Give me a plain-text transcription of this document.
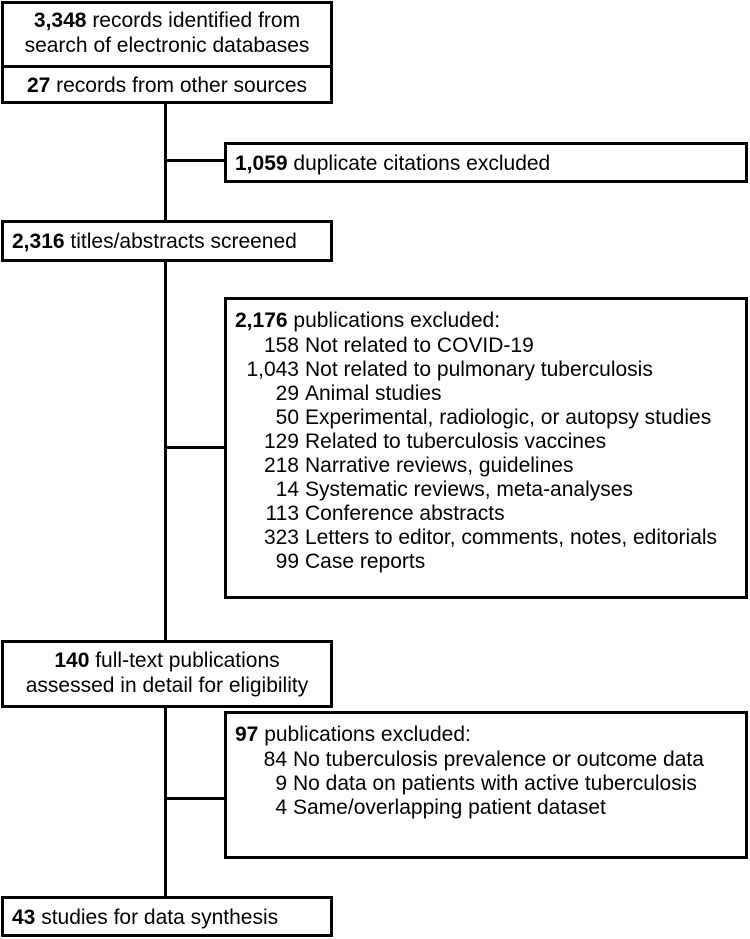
3,348 records identified from
search of electronic databases
27 records from other sources
1,059 duplicate citations excluded
2,316 titles/abstracts screened
2,176 publications excluded:
158 Not related to COVID-19
1,043 Not related to pulmonary tuberculosis
29 Animal studies
50 Experimental, radiologic, or autopsy studies
129 Related to tuberculosis vaccines
218 Narrative reviews, guidelines
14 Systematic reviews, meta-analyses
113 Conference abstracts
323 Letters to editor, comments, notes, editorials
99 Case reports
140 full-text publications
assessed in detail for eligibility
97 publications excluded:
84 No tuberculosis prevalence or outcome data
9 No data on patients with active tuberculosis
4 Same/overlapping patient dataset
43 studies for data synthesis
